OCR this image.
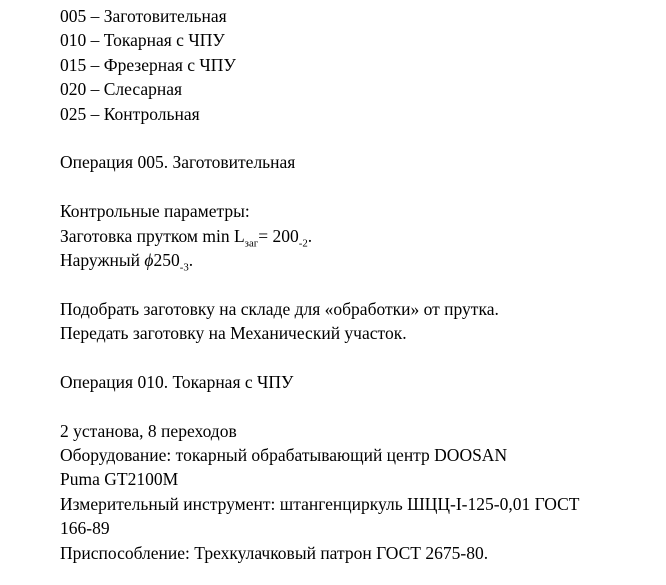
005 – Заготовительная
010 – Токарная с ЧПУ
015 – Фрезерная с ЧПУ
020 – Слесарная
025 – Контрольная
Операция 005. Заготовительная
Контрольные параметры:
Заготовка прутком $\min L_{заг}= 200_{-2}$.
Наружный $\phi 250_{-3}$.
Подобрать заготовку на складе для «обработки» от прутка.
Передать заготовку на Механический участок.
Операция 010. Токарная с ЧПУ
2 установа, 8 переходов
Оборудование: токарный обрабатывающий центр DOOSAN
Puma GT2100M
Измерительный инструмент: штангенциркуль ШЦЦ-I-125-0,01 ГОСТ
166-89
Приспособление: Трехкулачковый патрон ГОСТ 2675-80.
